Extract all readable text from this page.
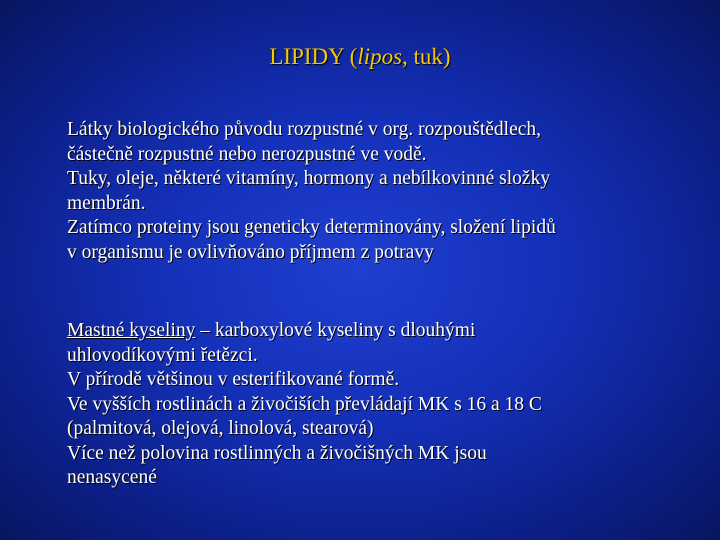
LIPIDY (lipos, tuk)
Látky biologického původu rozpustné v org. rozpouštědlech,
částečně rozpustné nebo nerozpustné ve vodě.
Tuky, oleje, některé vitamíny, hormony a nebílkovinné složky
membrán.
Zatímco proteiny jsou geneticky determinovány, složení lipidů
v organismu je ovlivňováno příjmem z potravy
Mastné kyseliny – karboxylové kyseliny s dlouhými
uhlovodíkovými řetězci.
V přírodě většinou v esterifikované formě.
Ve vyšších rostlinách a živočiších převládají MK s 16 a 18 C
(palmitová, olejová, linolová, stearová)
Více než polovina rostlinných a živočišných MK jsou
nenasycené
